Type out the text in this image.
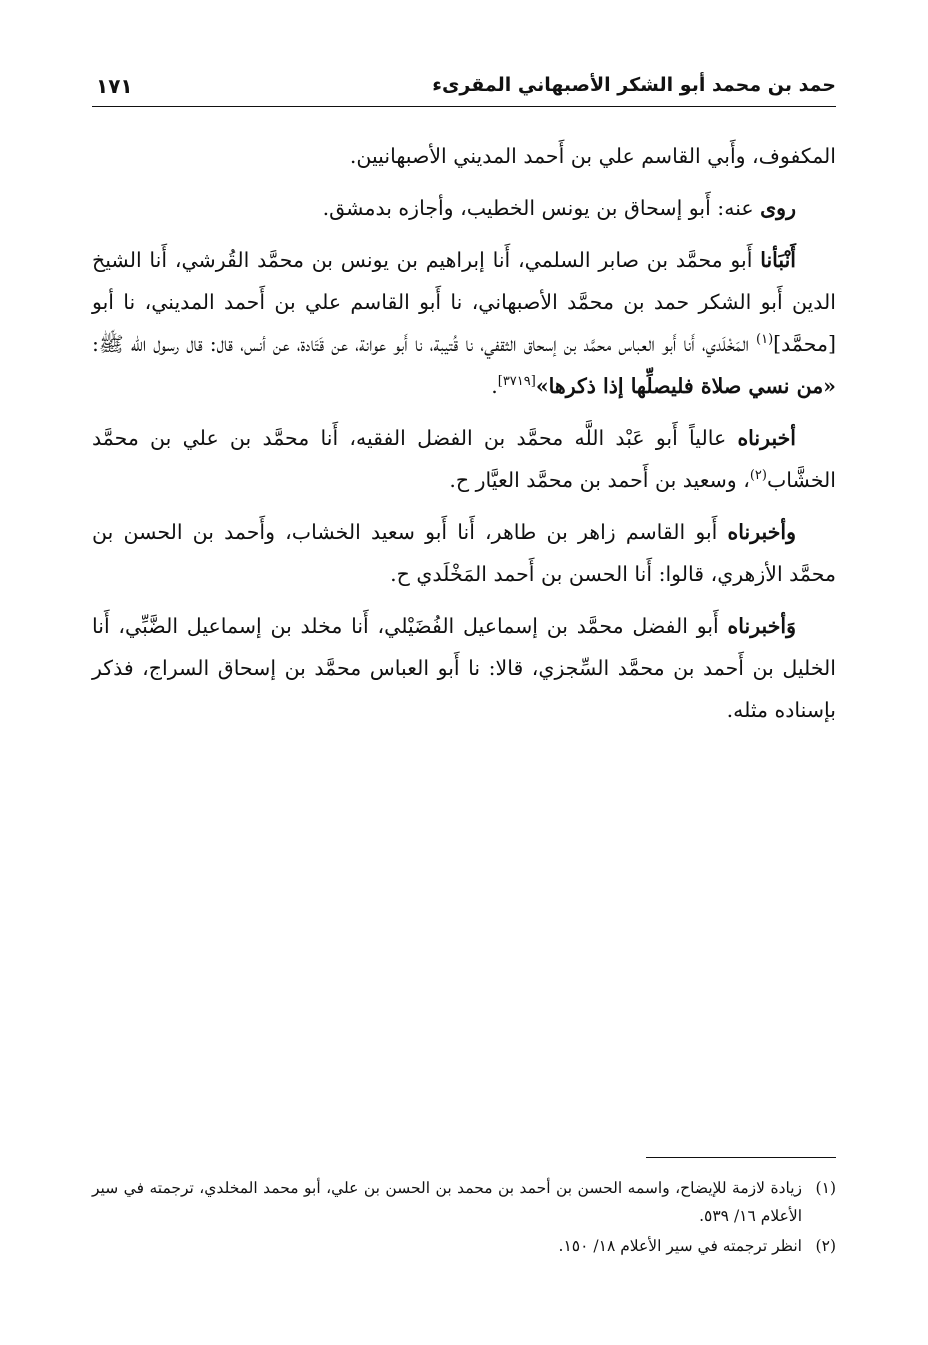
حمد بن محمد أبو الشكر الأصبهاني المقرىء
١٧١

المكفوف، وأَبي القاسم علي بن أَحمد المديني الأصبهانيين.

روى عنه: أَبو إسحاق بن يونس الخطيب، وأجازه بدمشق.

أَنْبَأنا أَبو محمَّد بن صابر السلمي، أَنا إبراهيم بن يونس بن محمَّد القُرشي، أَنا الشيخ الدين أَبو الشكر حمد بن محمَّد الأصبهاني، نا أَبو القاسم علي بن أَحمد المديني، نا أبو [محمَّد]$^{(١)}$ المَخْلَدي، أَنا أَبو العباس محمَّد بن إسحاق الثقفي، نا قُتيبة، نا أَبو عوانة، عن قَتَادة، عن أنس، قال: قال رسول الله ﷺ: «من نسي صلاة فليصلِّها إذا ذكرها»[٣٧١٩].

أخبرناه عالياً أَبو عَبْد اللَّه محمَّد بن الفضل الفقيه، أَنا محمَّد بن علي بن محمَّد الخشَّاب$^{(٢)}$، وسعيد بن أَحمد بن محمَّد العيَّار ح.

وأخبرناه أَبو القاسم زاهر بن طاهر، أَنا أَبو سعيد الخشاب، وأَحمد بن الحسن بن محمَّد الأزهري، قالوا: أَنا الحسن بن أَحمد المَخْلَدي ح.

وَأخبرناه أَبو الفضل محمَّد بن إسماعيل الفُضَيْلي، أَنا مخلد بن إسماعيل الضَّبِّي، أَنا الخليل بن أَحمد بن محمَّد السِّجزي، قالا: نا أَبو العباس محمَّد بن إسحاق السراج، فذكر بإسناده مثله.

(١)
زيادة لازمة للإيضاح، واسمه الحسن بن أحمد بن محمد بن الحسن بن علي، أبو محمد المخلدي، ترجمته في سير الأعلام ١٦/ ٥٣٩.
(٢)
انظر ترجمته في سير الأعلام ١٨/ ١٥٠.
